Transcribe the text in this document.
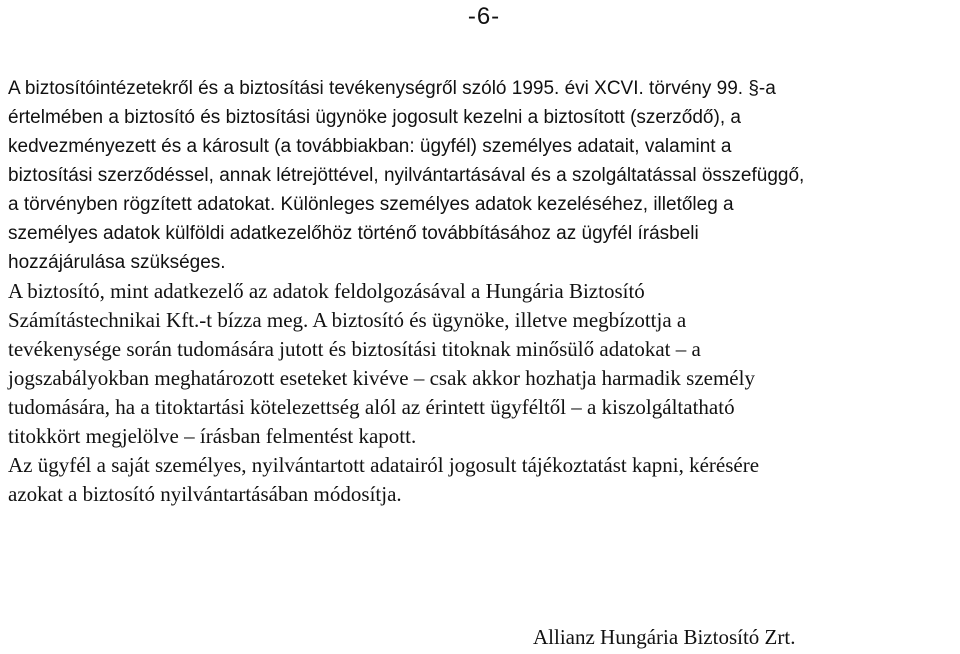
-6-
A biztosítóintézetekről és a biztosítási tevékenységről szóló 1995. évi XCVI. törvény 99. §-a
értelmében a biztosító és biztosítási ügynöke jogosult kezelni a biztosított (szerződő), a
kedvezményezett és a károsult (a továbbiakban: ügyfél) személyes adatait, valamint a
biztosítási szerződéssel, annak létrejöttével, nyilvántartásával és a szolgáltatással összefüggő,
a törvényben rögzített adatokat. Különleges személyes adatok kezeléséhez, illetőleg a
személyes adatok külföldi adatkezelőhöz történő továbbításához az ügyfél írásbeli
hozzájárulása szükséges.
A biztosító, mint adatkezelő az adatok feldolgozásával a Hungária Biztosító
Számítástechnikai Kft.-t bízza meg. A biztosító és ügynöke, illetve megbízottja a
tevékenysége során tudomására jutott és biztosítási titoknak minősülő adatokat – a
jogszabályokban meghatározott eseteket kivéve – csak akkor hozhatja harmadik személy
tudomására, ha a titoktartási kötelezettség alól az érintett ügyféltől – a kiszolgáltatható
titokkört megjelölve – írásban felmentést kapott.
Az ügyfél a saját személyes, nyilvántartott adatairól jogosult tájékoztatást kapni, kérésére
azokat a biztosító nyilvántartásában módosítja.
Allianz Hungária Biztosító Zrt.
